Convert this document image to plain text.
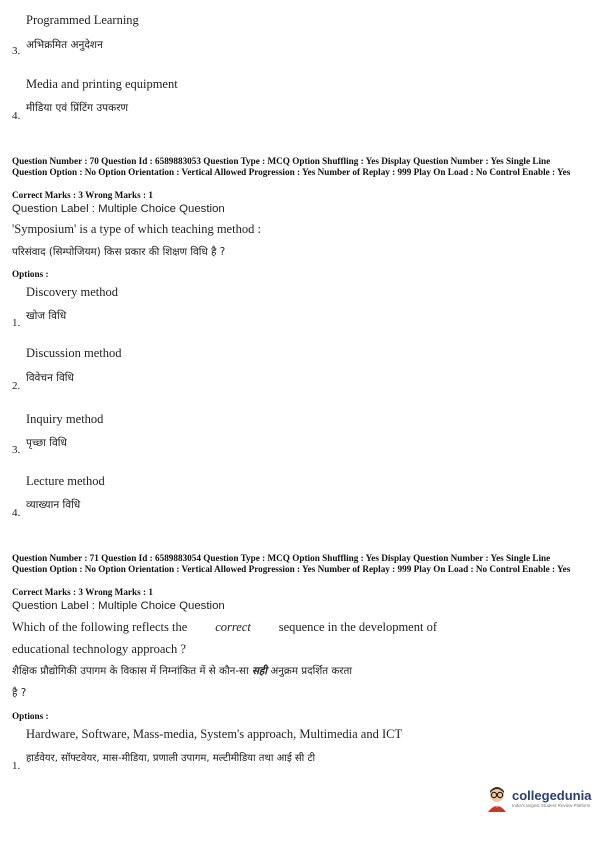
Programmed Learning
3. अभिक्रमित अनुदेशन
Media and printing equipment
4.
मीडिया एवं प्रिंटिंग उपकरण
Question Number : 70 Question Id : 6589883053 Question Type : MCQ Option Shuffling : Yes Display Question Number : Yes Single Line Question Option : No Option Orientation : Vertical Allowed Progression : Yes Number of Replay : 999 Play On Load : No Control Enable : Yes
Correct Marks : 3 Wrong Marks : 1
Question Label : Multiple Choice Question
'Symposium' is a type of which teaching method :
परिसंवाद (सिम्पोजियम) किस प्रकार की शिक्षण विधि है ?
Options :
Discovery method
1.
खोज विधि
Discussion method
2.
विवेचन विधि
Inquiry method
3.
पृच्छा विधि
Lecture method
4.
व्याख्यान विधि
Question Number : 71 Question Id : 6589883054 Question Type : MCQ Option Shuffling : Yes Display Question Number : Yes Single Line Question Option : No Option Orientation : Vertical Allowed Progression : Yes Number of Replay : 999 Play On Load : No Control Enable : Yes
Correct Marks : 3 Wrong Marks : 1
Question Label : Multiple Choice Question
Which of the following reflects the correct sequence in the development of
educational technology approach ?
शैक्षिक प्रौद्योगिकी उपागम के विकास में निम्नांकित में से कौन-सा सही अनुक्रम प्रदर्शित करता
है ?
Options :
Hardware, Software, Mass-media, System's approach, Multimedia and ICT
1.
हार्डवेयर, सॉफ्टवेयर, मास-मीडिया, प्रणाली उपागम, मल्टीमीडिया तथा आई सी टी
collegedunia
India's largest Student Review Platform
